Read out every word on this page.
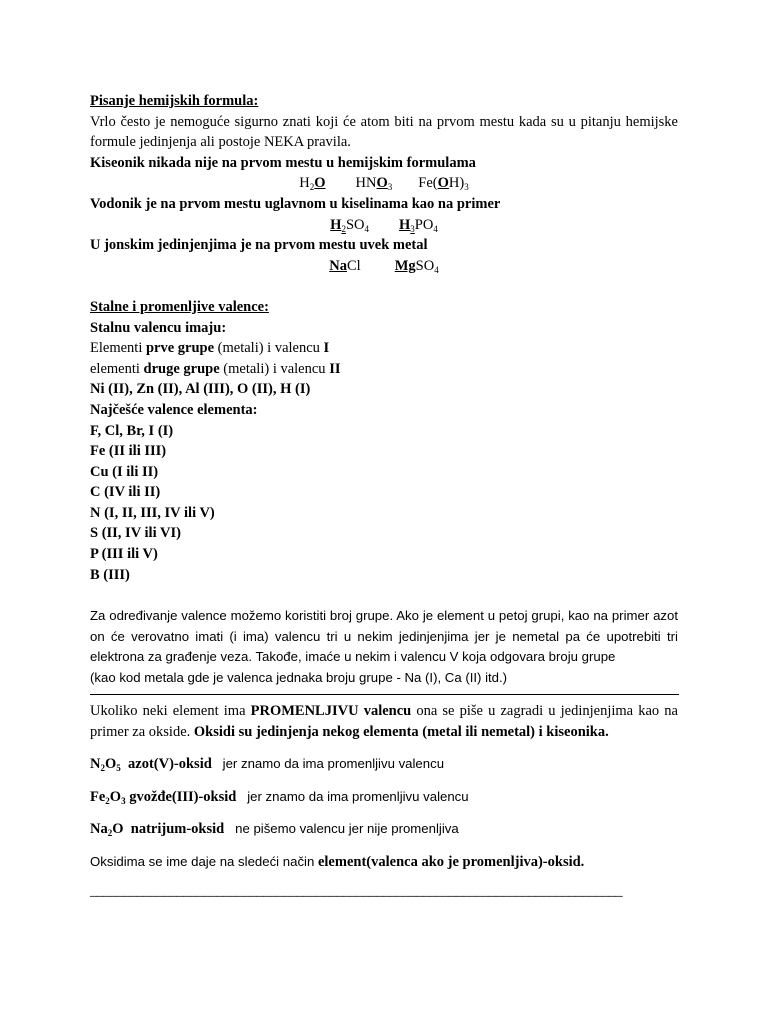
Pisanje hemijskih formula:
Vrlo često je nemoguće sigurno znati koji će atom biti na prvom mestu kada su u pitanju hemijske formule jedinjenja ali postoje NEKA pravila.
Kiseonik nikada nije na prvom mestu u hemijskim formulama
$H_2O$ $HNO_3$ $Fe(OH)_3$
Vodonik je na prvom mestu uglavnom u kiselinama kao na primer
$H_2SO_4$ $H_3PO_4$
U jonskim jedinjenjima je na prvom mestu uvek metal
NaCl MgSO$_4$
Stalne i promenljive valence:
Stalnu valencu imaju:
Elementi prve grupe (metali) i valencu I
elementi druge grupe (metali) i valencu II
Ni (II), Zn (II), Al (III), O (II), H (I)
Najčešće valence elementa:
F, Cl, Br, I (I)
Fe (II ili III)
Cu (I ili II)
C (IV ili II)
N (I, II, III, IV ili V)
S (II, IV ili VI)
P (III ili V)
B (III)
Za određivanje valence možemo koristiti broj grupe. Ako je element u petoj grupi, kao na primer azot on će verovatno imati (i ima) valencu tri u nekim jedinjenjima jer je nemetal pa će upotrebiti tri elektrona za građenje veza. Takođe, imaće u nekim i valencu V koja odgovara broju grupe
(kao kod metala gde je valenca jednaka broju grupe - Na (I), Ca (II) itd.)
Ukoliko neki element ima PROMENLJIVU valencu ona se piše u zagradi u jedinjenjima kao na primer za okside. Oksidi su jedinjenja nekog elementa (metal ili nemetal) i kiseonika.
$N_2O_5$ azot(V)-oksid jer znamo da ima promenljivu valencu
$Fe_2O_3$ gvožđe(III)-oksid jer znamo da ima promenljivu valencu
$Na_2O$ natrijum-oksid ne pišemo valencu jer nije promenljiva
Oksidima se ime daje na sledeći način element(valenca ako je promenljiva)-oksid.
________________________________________________________________________________
